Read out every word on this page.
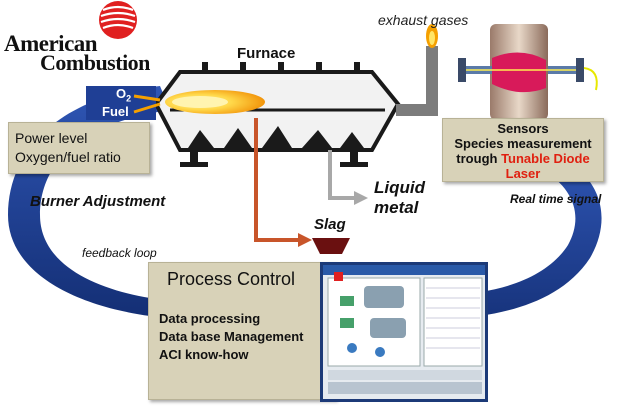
American
Combustion	Furnace
exhaust gases
$O_2$
Fuel
Power level
Oxygen/fuel ratio
Sensors
Species measurement
trough Tunable Diode
Laser
Burner Adjustment	Real time signal
Liquid
metal
Slag
feedback loop
Process Control
Data processing
Data base Management
ACI know-how
